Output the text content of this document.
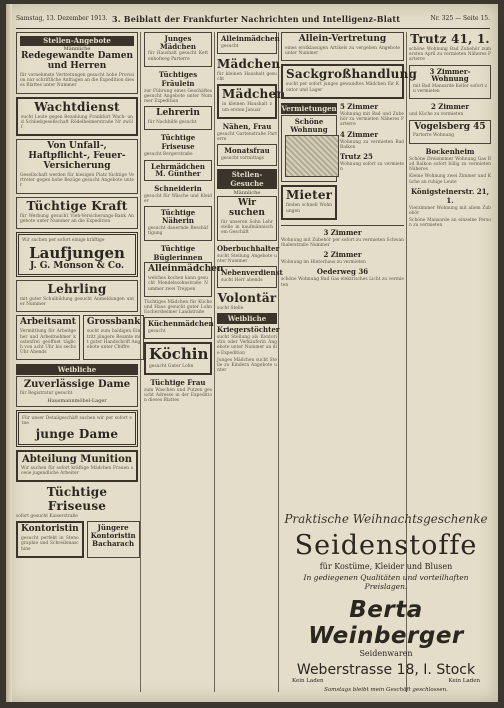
Samstag, 13. Dezember 1913. 3. Beiblatt der Frankfurter Nachrichten und Intelligenz-Blatt	Nr. 325 — Seite 15.
Stellen-Angebote
Männliche
Redegewandte Damen und Herren
für vornehmste Vertretungen gesucht hohe Provision nur schriftliche Anfragen an die Expedition dieses Blattes unter Nummer
Wachtdienst
sucht Leute gegen Bezahlung Frankfurt Wach- und Schließgesellschaft Rödelheimerstraße Nr zwölf
Von Unfall-, Haftpflicht-, Feuer-Versicherung
Gesellschaft werden für hiesigen Platz tüchtige Vertreter gegen hohe Bezüge gesucht Angebote unter
Tüchtige Kraft
für Werbung gesucht Vieh-Versicherungs-Bank Angebote unter Nummer an die Expedition
Wir suchen per sofort einige kräftige
Laufjungen
J. G. Monson & Co.
Lehrling
mit guter Schulbildung gesucht Anmeldungen unter Nummer
Arbeitsamt
Vermittlung für Arbeitgeber und Arbeitnehmer kostenfrei geöffnet täglich von acht Uhr bis sechs Uhr Abends
Grossbank
sucht zum baldigen Eintritt jüngere Beamte mit guter Handschrift Angebote unter Chiffre
Weibliche
Zuverlässige Dame
für Registratur gesucht
Hausmannmöbel-Lager
Für unser Detailgeschäft suchen wir per sofort eine
junge Dame
Abteilung Munition
Wir suchen für sofort kräftige Mädchen Frauen sowie jugendliche Arbeiter
Tüchtige Friseuse
sofort gesucht Kaiserstraße
Kontoristin
gesucht perfekt in Stenographie und Schreibmaschine
Jüngere Kontoristin
Bacharach
Junges Mädchen
für Haushalt gesucht Kettenhofweg Parterre
Tüchtiges Fräulein
zur Führung eines Geschäftes gesucht Angebote unter Nummer Expedition
Lehrerin
für Nachhilfe gesucht
Tüchtige Friseuse
gesucht Bergerstraße
Lehrmädchen
M. Günther
Schneiderin
gesucht für Wäsche und Kleider
Tüchtige Näherin
gesucht dauernde Beschäftigung
Tüchtige Büglerinnen
Alleinmädchen
welches kochen kann gesucht Mendelssohnstraße Nummer zwei Treppen
Tüchtiges Mädchen für Küche und Haus gesucht guter Lohn Eschersheimer Landstraße
Küchenmädchen
gesucht
Köchin
gesucht Guter Lohn
Tüchtige Frau
zum Waschen und Putzen gesucht Adresse in der Expedition dieses Blattes
Alleinmädchen
gesucht
Mädchen
für kleinen Haushalt gesucht
Mädchen
in kleinen Haushalt zum ersten Januar
Nähen, Frau
gesucht Gartenstraße Parterre
Monatsfrau
gesucht vormittags
Stellen-Gesuche
Männliche
Wir suchen
für unseren Sohn Lehrstelle in kaufmännischem Geschäft
Oberbuchhalter
sucht Stellung Angebote unter Nummer
Nebenverdienst
sucht Herr abends
Volontär
sucht Stelle
Weibliche
Kriegerstöchter
sucht Stellung als Kontoristin oder Verkäuferin Angebote unter Nummer an die Expedition
Junges Mädchen sucht Stelle zu Kindern Angebote unter
Allein-Vertretung
eines erstklassigen Artikels zu vergeben Angebote unter Nummer
Sackgroßhandlung
sucht per sofort junges gewandtes Mädchen für Kontor und Lager
Vermietungen
Schöne Wohnung
Mieter
finden schnell Wohnungen
5 Zimmer
Wohnung mit Bad und Zubehör zu vermieten Näheres Parterre
4 Zimmer
Wohnung zu vermieten Bad Balkon
Trutz 25
Wohnung sofort zu vermieten
3 Zimmer
Wohnung mit Zubehör per sofort zu vermieten Schwanthalerstraße Nummer
2 Zimmer
Wohnung im Hinterhaus zu vermieten
Oederweg 36
schöne Wohnung Bad Gas elektrisches Licht zu vermieten
Trutz 41, 1.
schöne Wohnung Bad Zubehör zum ersten April zu vermieten Näheres Parterre
3 Zimmer-Wohnung
mit Bad Mansarde Keller sofort zu vermieten
2 Zimmer
und Küche zu vermieten
Vogelsberg 45
Parterre Wohnung
Bockenheim
Schöne Dreizimmer Wohnung Gas Bad Balkon sofort billig zu vermieten Näheres
Kleine Wohnung zwei Zimmer und Küche an ruhige Leute
Königsteinerstr. 21, 1.
Vierzimmer Wohnung mit allem Zubehör
Schöne Mansarde an einzelne Person zu vermieten
Praktische Weihnachtsgeschenke
Seidenstoffe
für Kostüme, Kleider und Blusen
In gediegenen Qualitäten und vorteilhaften Preislagen.
Berta Weinberger
Seidenwaren
Weberstrasse 18, I. Stock
Kein Laden	Kein Laden
Samstags bleibt mein Geschäft geschlossen.
